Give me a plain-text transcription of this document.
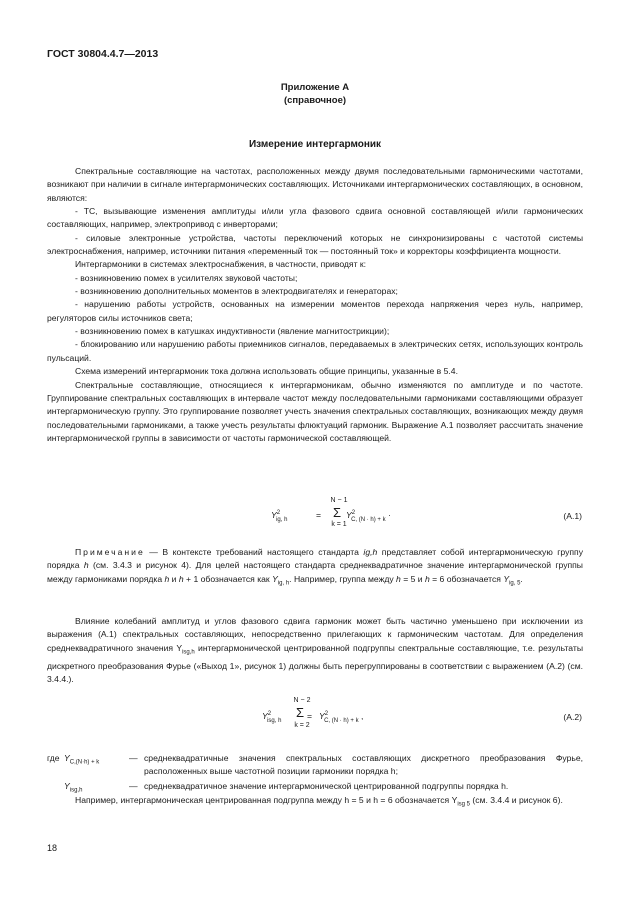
ГОСТ 30804.4.7—2013
Приложение А
(справочное)
Измерение интергармоник

Спектральные составляющие на частотах, расположенных между двумя последовательными гармоническими частотами, возникают при наличии в сигнале интергармонических составляющих. Источниками интергармонических составляющих, в основном, являются:

- ТС, вызывающие изменения амплитуды и/или угла фазового сдвига основной составляющей и/или гармонических составляющих, например, электропривод с инверторами;

- силовые электронные устройства, частоты переключений которых не синхронизированы с частотой системы электроснабжения, например, источники питания «переменный ток — постоянный ток» и корректоры коэффициента мощности.

Интергармоники в системах электроснабжения, в частности, приводят к:

- возникновению помех в усилителях звуковой частоты;

- возникновению дополнительных моментов в электродвигателях и генераторах;

- нарушению работы устройств, основанных на измерении моментов перехода напряжения через нуль, например, регуляторов силы источников света;

- возникновению помех в катушках индуктивности (явление магнитострикции);

- блокированию или нарушению работы приемников сигналов, передаваемых в электрических сетях, использующих контроль пульсаций.

Схема измерений интергармоник тока должна использовать общие принципы, указанные в 5.4.

Спектральные составляющие, относящиеся к интергармоникам, обычно изменяются по амплитуде и по частоте. Группирование спектральных составляющих в интервале частот между последовательными гармониками составляющими образует интергармоническую группу. Это группирование позволяет учесть значения спектральных составляющих, возникающих между двумя последовательными гармониками, а также учесть результаты флюктуаций гармоник. Выражение А.1 позволяет рассчитать значение интергармонической группы в зависимости от частоты гармонической составляющей.

$Y^2_{ig, h}$	=
N − 1
Σ
k = 1
$Y^2_{C, (N \cdot h) + k}$ ·	(А.1)

Примечание — В контексте требований настоящего стандарта ig,h представляет собой интергармоническую группу порядка h (см. 3.4.3 и рисунок 4). Для целей настоящего стандарта среднеквадратичное значение интергармонической группы между гармониками порядка h и h + 1 обозначается как $Y_{ig, h}$. Например, группа между h = 5 и h = 6 обозначается $Y_{ig, 5}$.

Влияние колебаний амплитуд и углов фазового сдвига гармоник может быть частично уменьшено при исключении из выражения (А.1) спектральных составляющих, непосредственно прилегающих к гармоническим частотам. Для определения среднеквадратичного значения $Y_{isg,h}$ интергармонической центрированной подгруппы спектральные составляющие, т.е. результаты дискретного преобразования Фурье («Выход 1», рисунок 1) должны быть перегруппированы в соответствии с выражением (А.2) (см. 3.4.4.).

$Y^2_{isg, h}$	=
N − 2
Σ
k = 2
$Y^2_{C, (N \cdot h) + k}$ ,	(А.2)
где $Y_{C,(N\cdot h) + k}$	— среднеквадратичные значения спектральных составляющих дискретного преобразования Фурье, расположенных выше частотной позиции гармоники порядка h;
$Y_{isg,h}$	— среднеквадратичное значение интергармонической центрированной подгруппы порядка h.

Например, интергармоническая центрированная подгруппа между h = 5 и h = 6 обозначается $Y_{isg 5}$ (см. 3.4.4 и рисунок 6).

18
